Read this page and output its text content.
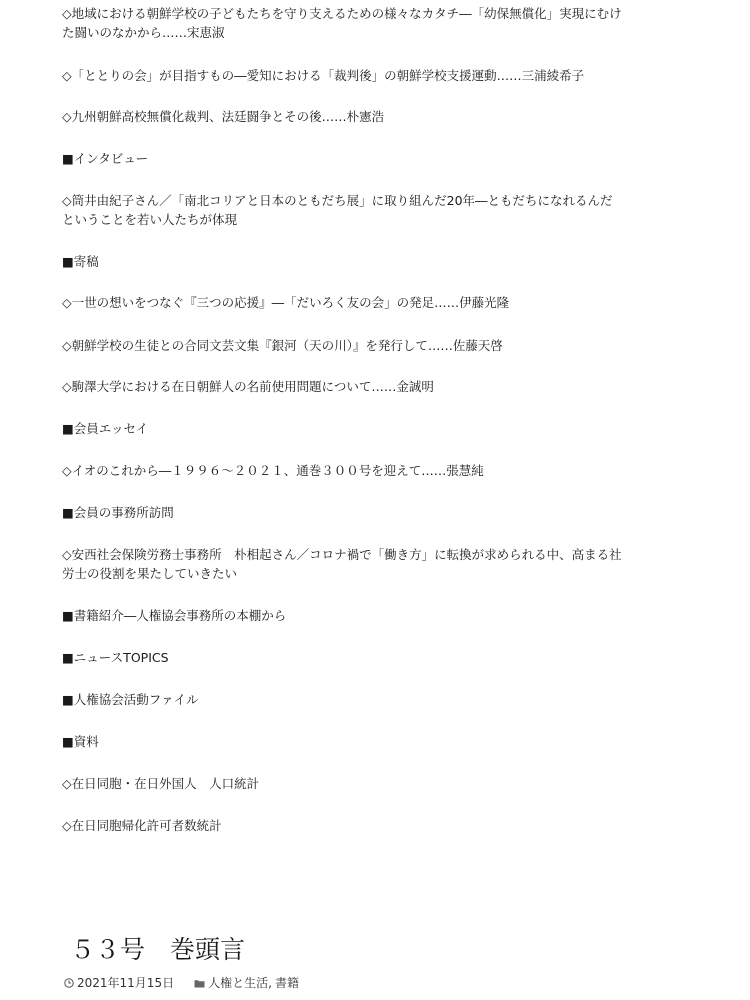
◇地域における朝鮮学校の子どもたちを守り支えるための様々なカタチ―「幼保無償化」実現にむけた闘いのなかから……宋恵淑
◇「ととりの会」が目指すもの―愛知における「裁判後」の朝鮮学校支援運動……三浦綾希子
◇九州朝鮮高校無償化裁判、法廷闘争とその後……朴憲浩
■インタビュー
◇筒井由紀子さん／「南北コリアと日本のともだち展」に取り組んだ20年―ともだちになれるんだということを若い人たちが体現
■寄稿
◇一世の想いをつなぐ『三つの応援』―「だいろく友の会」の発足……伊藤光隆
◇朝鮮学校の生徒との合同文芸文集『銀河（天の川）』を発行して……佐藤天啓
◇駒澤大学における在日朝鮮人の名前使用問題について……金誠明
■会員エッセイ
◇イオのこれから―１９９６～２０２１、通巻３００号を迎えて……張慧純
■会員の事務所訪問
◇安西社会保険労務士事務所　朴相起さん／コロナ禍で「働き方」に転換が求められる中、高まる社労士の役割を果たしていきたい
■書籍紹介―人権協会事務所の本棚から
■ニュースTOPICS
■人権協会活動ファイル
■資料
◇在日同胞・在日外国人　人口統計
◇在日同胞帰化許可者数統計
５３号　巻頭言
2021年11月15日	人権と生活 , 書籍
